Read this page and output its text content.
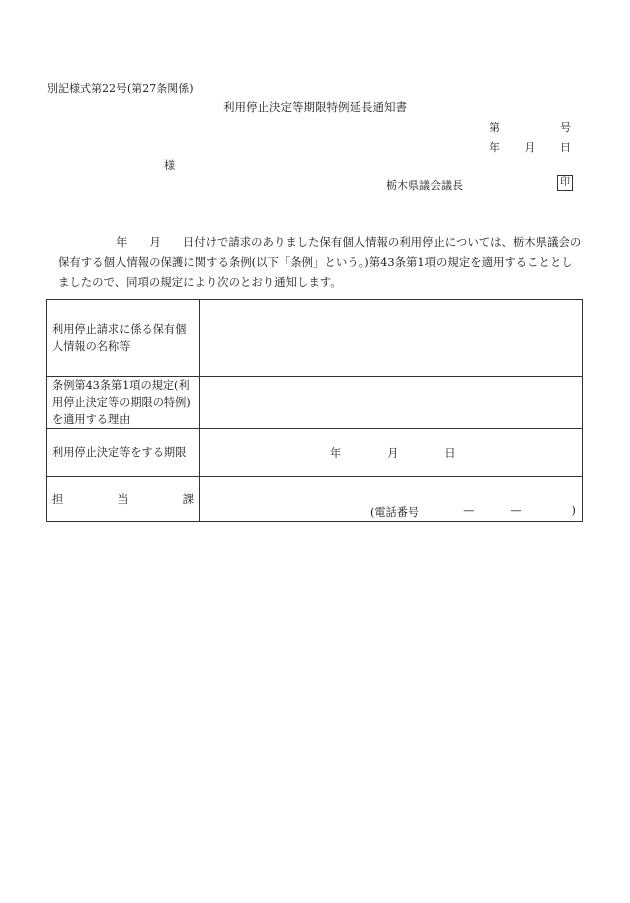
別記様式第22号(第27条関係)
利用停止決定等期限特例延長通知書
第	号
年 月 日
様
栃木県議会議長	印
年 月 日付けで請求のありました保有個人情報の利用停止については、栃木県議会の保有する個人情報の保護に関する条例(以下「条例」という。)第43条第1項の規定を適用することとしましたので、同項の規定により次のとおり通知します。
利用停止請求に係る保有個人情報の名称等	
条例第43条第1項の規定(利用停止決定等の期限の特例)を適用する理由	
利用停止決定等をする期限	年 月 日

担 当 課	(電話番号 — — )
